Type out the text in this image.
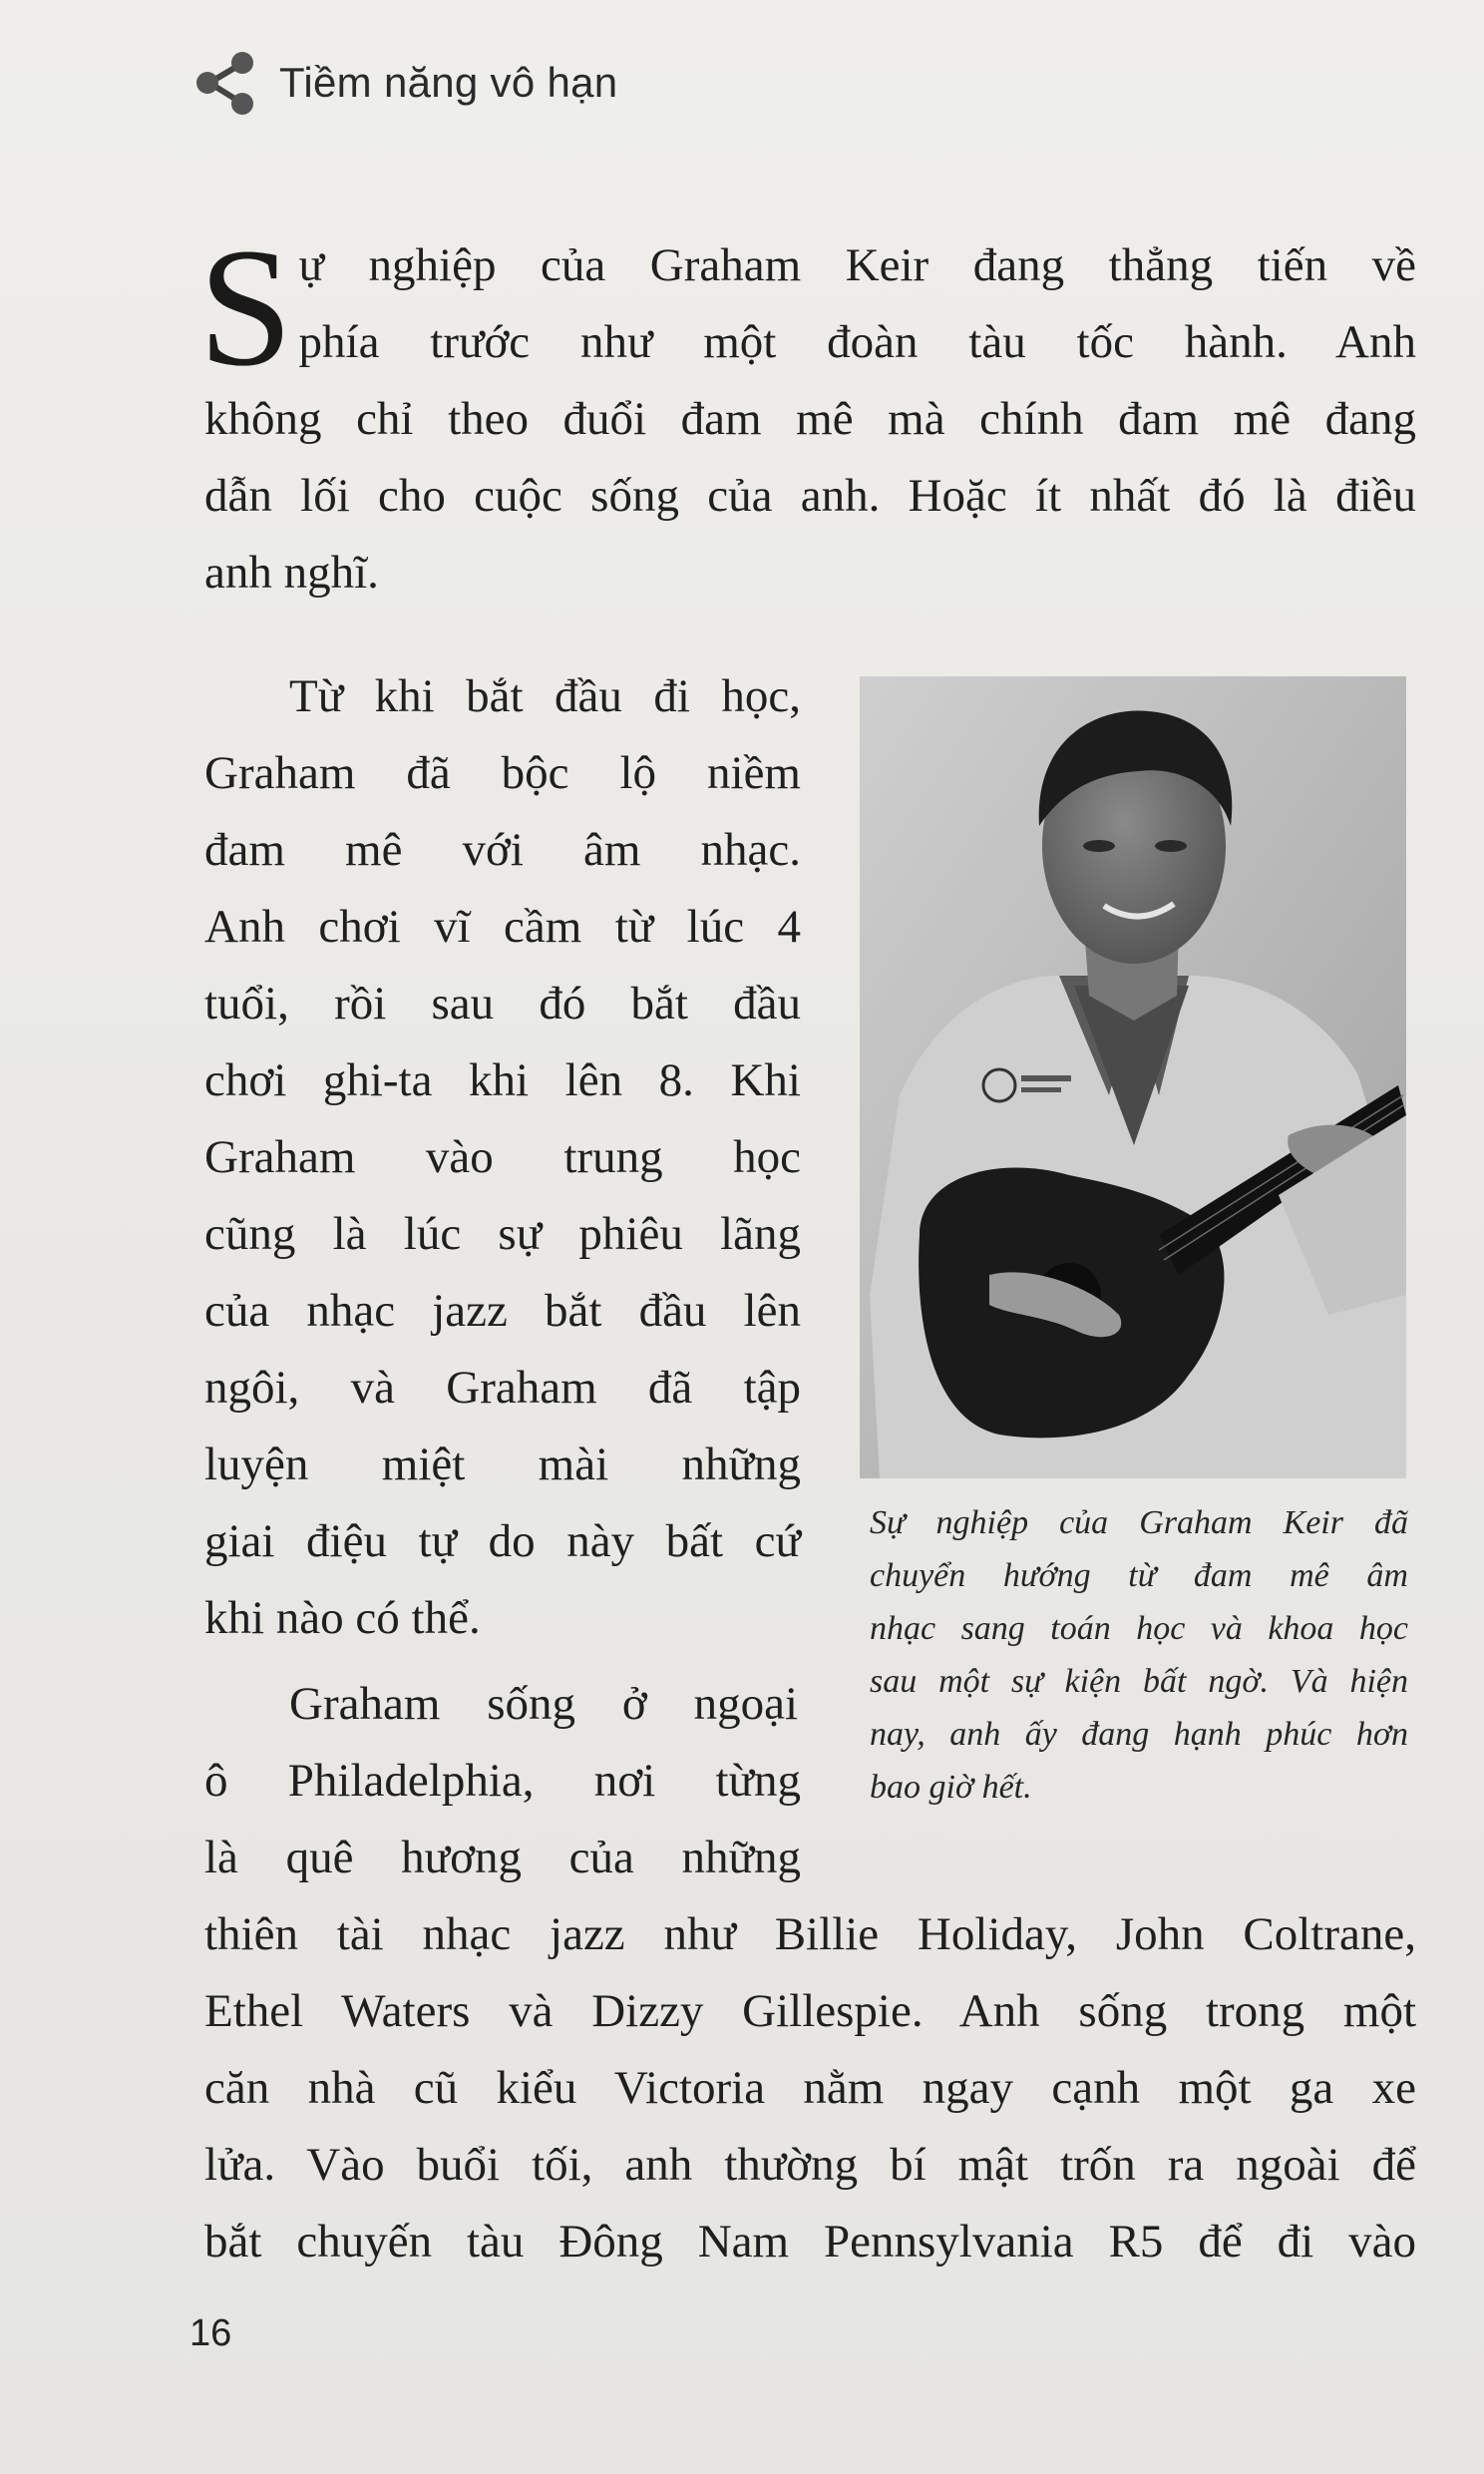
Tiềm năng vô hạn

S ự nghiệp của Graham Keir đang thẳng tiến về
phía trước như một đoàn tàu tốc hành. Anh
không chỉ theo đuổi đam mê mà chính đam mê đang
dẫn lối cho cuộc sống của anh. Hoặc ít nhất đó là điều
anh nghĩ.

Từ khi bắt đầu đi học,
Graham đã bộc lộ niềm
đam mê với âm nhạc.
Anh chơi vĩ cầm từ lúc 4
tuổi, rồi sau đó bắt đầu
chơi ghi-ta khi lên 8. Khi
Graham vào trung học
cũng là lúc sự phiêu lãng
của nhạc jazz bắt đầu lên
ngôi, và Graham đã tập
luyện miệt mài những
giai điệu tự do này bất cứ
khi nào có thể.

Graham sống ở ngoại
ô Philadelphia, nơi từng
là quê hương của những
thiên tài nhạc jazz như Billie Holiday, John Coltrane,
Ethel Waters và Dizzy Gillespie. Anh sống trong một
căn nhà cũ kiểu Victoria nằm ngay cạnh một ga xe
lửa. Vào buổi tối, anh thường bí mật trốn ra ngoài để
bắt chuyến tàu Đông Nam Pennsylvania R5 để đi vào

Sự nghiệp của Graham Keir đã
chuyển hướng từ đam mê âm
nhạc sang toán học và khoa học
sau một sự kiện bất ngờ. Và hiện
nay, anh ấy đang hạnh phúc hơn
bao giờ hết.

16
